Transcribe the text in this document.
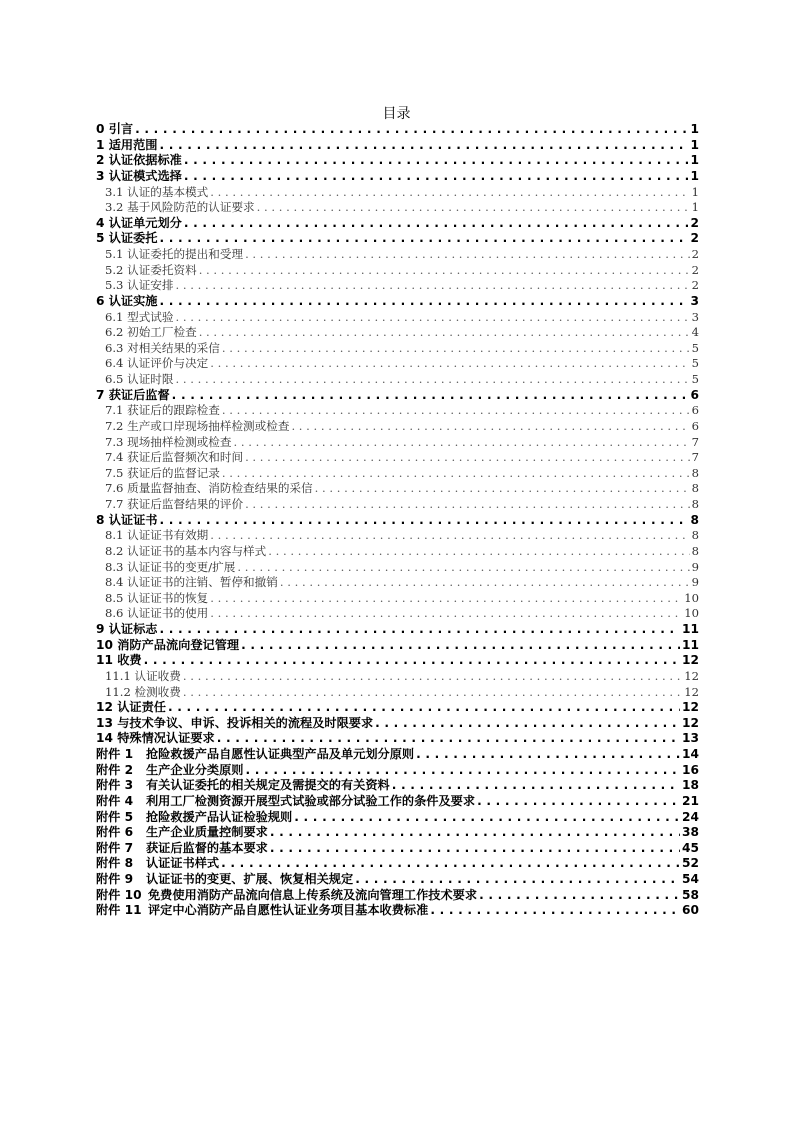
目录
0 引言 . . .	1
1 适用范围 . . .	1
2 认证依据标准 . . .	1
3 认证模式选择 . . .	1
3.1 认证的基本模式 . . .	1
3.2 基于风险防范的认证要求 . . .	1
4 认证单元划分 . . .	2
5 认证委托 . . .	2
5.1 认证委托的提出和受理 . . .	2
5.2 认证委托资料 . . .	2
5.3 认证安排 . . .	2
6 认证实施 . . .	3
6.1 型式试验 . . .	3
6.2 初始工厂检查 . . .	4
6.3 对相关结果的采信 . . .	5
6.4 认证评价与决定 . . .	5
6.5 认证时限 . . .	5
7 获证后监督 . . .	6
7.1 获证后的跟踪检查 . . .	6
7.2 生产或口岸现场抽样检测或检查 . . .	6
7.3 现场抽样检测或检查 . . .	7
7.4 获证后监督频次和时间 . . .	7
7.5 获证后的监督记录 . . .	8
7.6 质量监督抽查、消防检查结果的采信 . . .	8
7.7 获证后监督结果的评价 . . .	8
8 认证证书 . . .	8
8.1 认证证书有效期 . . .	8
8.2 认证证书的基本内容与样式 . . .	8
8.3 认证证书的变更/扩展 . . .	9
8.4 认证证书的注销、暂停和撤销 . . .	9
8.5 认证证书的恢复 . . .	10
8.6 认证证书的使用 . . .	10
9 认证标志 . . .	11
10 消防产品流向登记管理 . . .	11
11 收费 . . .	12
11.1 认证收费 . . .	12
11.2 检测收费 . . .	12
12 认证责任 . . .	12
13 与技术争议、申诉、投诉相关的流程及时限要求 . . .	12
14 特殊情况认证要求 . . .	13
附件 1	抢险救援产品自愿性认证典型产品及单元划分原则 . . .	14
附件 2	生产企业分类原则 . . .	16
附件 3	有关认证委托的相关规定及需提交的有关资料 . . .	18
附件 4	利用工厂检测资源开展型式试验或部分试验工作的条件及要求 . . .	21
附件 5	抢险救援产品认证检验规则 . . .	24
附件 6	生产企业质量控制要求 . . .	38
附件 7	获证后监督的基本要求 . . .	45
附件 8	认证证书样式 . . .	52
附件 9	认证证书的变更、扩展、恢复相关规定 . . .	54
附件 10 免费使用消防产品流向信息上传系统及流向管理工作技术要求 . . .	58
附件 11 评定中心消防产品自愿性认证业务项目基本收费标准 . . .	60
